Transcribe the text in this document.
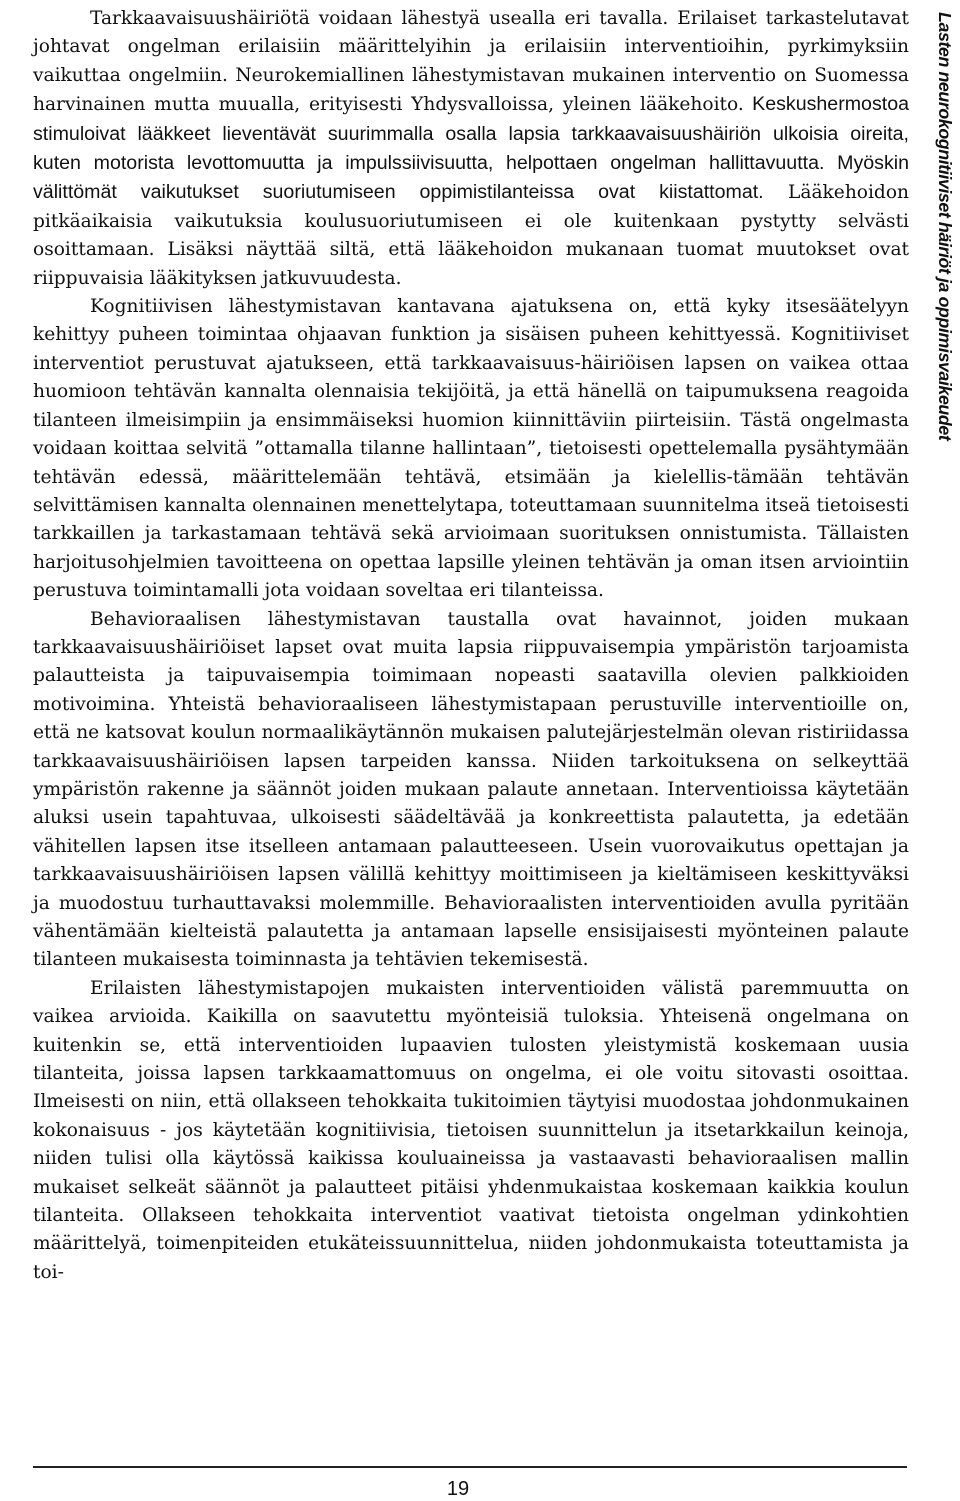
Tarkkaavaisuushäiriötä voidaan lähestyä usealla eri tavalla. Erilaiset tarkastelutavat johtavat ongelman erilaisiin määrittelyihin ja erilaisiin interventioihin, pyrkimyksiin vaikuttaa ongelmiin. Neurokemiallinen lähestymistavan mukainen interventio on Suomessa harvinainen mutta muualla, erityisesti Yhdysvalloissa, yleinen lääkehoito. Keskushermostoa stimuloivat lääkkeet lieventävät suurimmalla osalla lapsia tarkkaavaisuushäiriön ulkoisia oireita, kuten motorista levottomuutta ja impulssiivisuutta, helpottaen ongelman hallittavuutta. Myöskin välittömät vaikutukset suoriutumiseen oppimistilanteissa ovat kiistattomat. Lääkehoidon pitkäaikaisia vaikutuksia koulusuoriutumiseen ei ole kuitenkaan pystytty selvästi osoittamaan. Lisäksi näyttää siltä, että lääkehoidon mukanaan tuomat muutokset ovat riippuvaisia lääkityksen jatkuvuudesta.

Kognitiivisen lähestymistavan kantavana ajatuksena on, että kyky itsesäätelyyn kehittyy puheen toimintaa ohjaavan funktion ja sisäisen puheen kehittyessä. Kognitiiviset interventiot perustuvat ajatukseen, että tarkkaavaisuus-häiriöisen lapsen on vaikea ottaa huomioon tehtävän kannalta olennaisia tekijöitä, ja että hänellä on taipumuksena reagoida tilanteen ilmeisimpiin ja ensimmäiseksi huomion kiinnittäviin piirteisiin. Tästä ongelmasta voidaan koittaa selvitä ”ottamalla tilanne hallintaan”, tietoisesti opettelemalla pysähtymään tehtävän edessä, määrittelemään tehtävä, etsimään ja kielellis-tämään tehtävän selvittämisen kannalta olennainen menettelytapa, toteuttamaan suunnitelma itseä tietoisesti tarkkaillen ja tarkastamaan tehtävä sekä arvioimaan suorituksen onnistumista. Tällaisten harjoitusohjelmien tavoitteena on opettaa lapsille yleinen tehtävän ja oman itsen arviointiin perustuva toimintamalli jota voidaan soveltaa eri tilanteissa.

Behavioraalisen lähestymistavan taustalla ovat havainnot, joiden mukaan tarkkaavaisuushäiriöiset lapset ovat muita lapsia riippuvaisempia ympäristön tarjoamista palautteista ja taipuvaisempia toimimaan nopeasti saatavilla olevien palkkioiden motivoimina. Yhteistä behavioraaliseen lähestymistapaan perustuville interventioille on, että ne katsovat koulun normaalikäytännön mukaisen palutejärjestelmän olevan ristiriidassa tarkkaavaisuushäiriöisen lapsen tarpeiden kanssa. Niiden tarkoituksena on selkeyttää ympäristön rakenne ja säännöt joiden mukaan palaute annetaan. Interventioissa käytetään aluksi usein tapahtuvaa, ulkoisesti säädeltävää ja konkreettista palautetta, ja edetään vähitellen lapsen itse itselleen antamaan palautteeseen. Usein vuorovaikutus opettajan ja tarkkaavaisuushäiriöisen lapsen välillä kehittyy moittimiseen ja kieltämiseen keskittyväksi ja muodostuu turhauttavaksi molemmille. Behavioraalisten interventioiden avulla pyritään vähentämään kielteistä palautetta ja antamaan lapselle ensisijaisesti myönteinen palaute tilanteen mukaisesta toiminnasta ja tehtävien tekemisestä.

Erilaisten lähestymistapojen mukaisten interventioiden välistä paremmuutta on vaikea arvioida. Kaikilla on saavutettu myönteisiä tuloksia. Yhteisenä ongelmana on kuitenkin se, että interventioiden lupaavien tulosten yleistymistä koskemaan uusia tilanteita, joissa lapsen tarkkaamattomuus on ongelma, ei ole voitu sitovasti osoittaa. Ilmeisesti on niin, että ollakseen tehokkaita tukitoimien täytyisi muodostaa johdonmukainen kokonaisuus - jos käytetään kognitiivisia, tietoisen suunnittelun ja itsetarkkailun keinoja, niiden tulisi olla käytössä kaikissa kouluaineissa ja vastaavasti behavioraalisen mallin mukaiset selkeät säännöt ja palautteet pitäisi yhdenmukaistaa koskemaan kaikkia koulun tilanteita. Ollakseen tehokkaita interventiot vaativat tietoista ongelman ydinkohtien määrittelyä, toimenpiteiden etukäteissuunnittelua, niiden johdonmukaista toteuttamista ja toi-

Lasten neurokognitiiviset häiriöt ja oppimisvaikeudet
19
